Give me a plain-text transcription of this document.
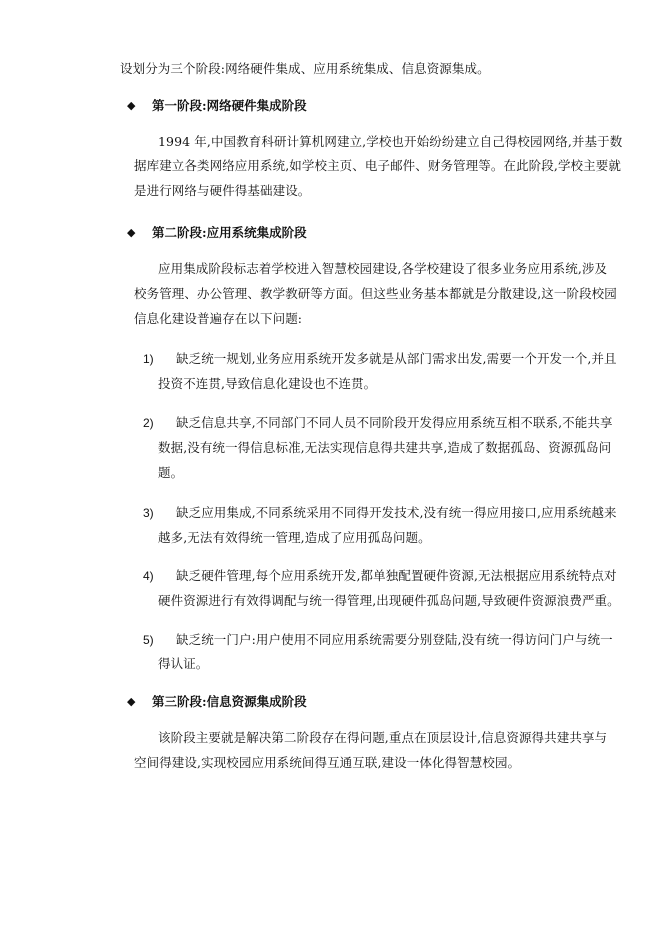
设划分为三个阶段:网络硬件集成、应用系统集成、信息资源集成。
◆ 第一阶段:网络硬件集成阶段
1994 年,中国教育科研计算机网建立,学校也开始纷纷建立自己得校园网络,并基于数
据库建立各类网络应用系统,如学校主页、电子邮件、财务管理等。在此阶段,学校主要就
是进行网络与硬件得基础建设。
◆ 第二阶段:应用系统集成阶段
应用集成阶段标志着学校进入智慧校园建设,各学校建设了很多业务应用系统,涉及
校务管理、办公管理、教学教研等方面。但这些业务基本都就是分散建设,这一阶段校园
信息化建设普遍存在以下问题:
1) 缺乏统一规划,业务应用系统开发多就是从部门需求出发,需要一个开发一个,并且
投资不连贯,导致信息化建设也不连贯。
2) 缺乏信息共享,不同部门不同人员不同阶段开发得应用系统互相不联系,不能共享
数据,没有统一得信息标准,无法实现信息得共建共享,造成了数据孤岛、资源孤岛问
题。
3) 缺乏应用集成,不同系统采用不同得开发技术,没有统一得应用接口,应用系统越来
越多,无法有效得统一管理,造成了应用孤岛问题。
4) 缺乏硬件管理,每个应用系统开发,都单独配置硬件资源,无法根据应用系统特点对
硬件资源进行有效得调配与统一得管理,出现硬件孤岛问题,导致硬件资源浪费严重。
5) 缺乏统一门户:用户使用不同应用系统需要分别登陆,没有统一得访问门户与统一
得认证。
◆ 第三阶段:信息资源集成阶段
该阶段主要就是解决第二阶段存在得问题,重点在顶层设计,信息资源得共建共享与
空间得建设,实现校园应用系统间得互通互联,建设一体化得智慧校园。
